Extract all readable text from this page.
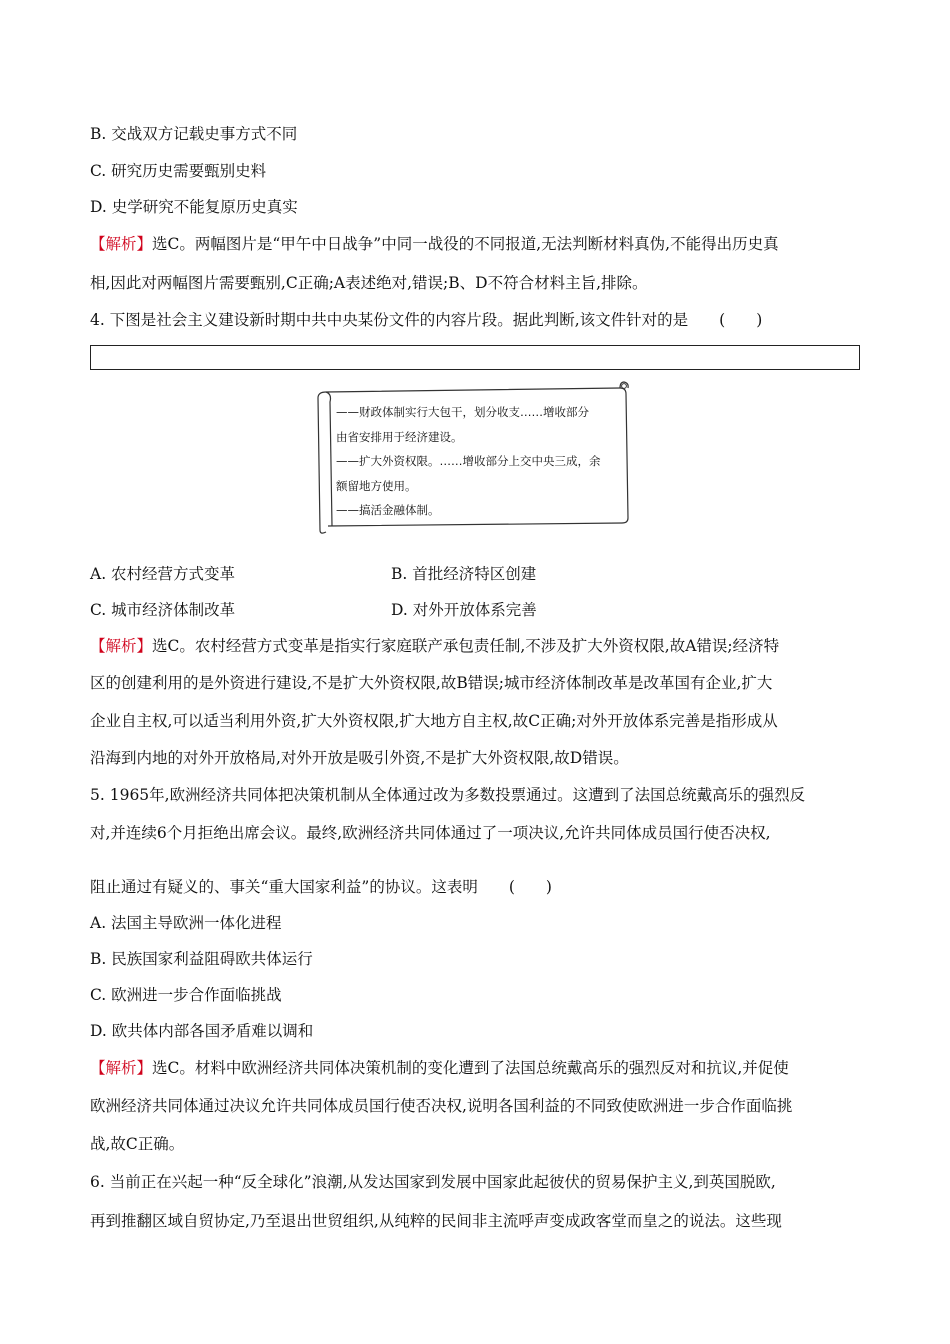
B. 交战双方记载史事方式不同
C. 研究历史需要甄别史料
D. 史学研究不能复原历史真实
【解析】选C。两幅图片是“甲午中日战争”中同一战役的不同报道,无法判断材料真伪,不能得出历史真
相,因此对两幅图片需要甄别,C正确;A表述绝对,错误;B、D不符合材料主旨,排除。
4. 下图是社会主义建设新时期中共中央某份文件的内容片段。据此判断,该文件针对的是　　(　　)
——财政体制实行大包干，划分收支……增收部分
由省安排用于经济建设。
——扩大外资权限。……增收部分上交中央三成，余
额留地方使用。
——搞活金融体制。
A. 农村经营方式变革	B. 首批经济特区创建
C. 城市经济体制改革	D. 对外开放体系完善
【解析】选C。农村经营方式变革是指实行家庭联产承包责任制,不涉及扩大外资权限,故A错误;经济特
区的创建利用的是外资进行建设,不是扩大外资权限,故B错误;城市经济体制改革是改革国有企业,扩大
企业自主权,可以适当利用外资,扩大外资权限,扩大地方自主权,故C正确;对外开放体系完善是指形成从
沿海到内地的对外开放格局,对外开放是吸引外资,不是扩大外资权限,故D错误。
5. 1965年,欧洲经济共同体把决策机制从全体通过改为多数投票通过。这遭到了法国总统戴高乐的强烈反
对,并连续6个月拒绝出席会议。最终,欧洲经济共同体通过了一项决议,允许共同体成员国行使否决权,
阻止通过有疑义的、事关“重大国家利益”的协议。这表明　　(　　)
A. 法国主导欧洲一体化进程
B. 民族国家利益阻碍欧共体运行
C. 欧洲进一步合作面临挑战
D. 欧共体内部各国矛盾难以调和
【解析】选C。材料中欧洲经济共同体决策机制的变化遭到了法国总统戴高乐的强烈反对和抗议,并促使
欧洲经济共同体通过决议允许共同体成员国行使否决权,说明各国利益的不同致使欧洲进一步合作面临挑
战,故C正确。
6. 当前正在兴起一种“反全球化”浪潮,从发达国家到发展中国家此起彼伏的贸易保护主义,到英国脱欧,
再到推翻区域自贸协定,乃至退出世贸组织,从纯粹的民间非主流呼声变成政客堂而皇之的说法。这些现
